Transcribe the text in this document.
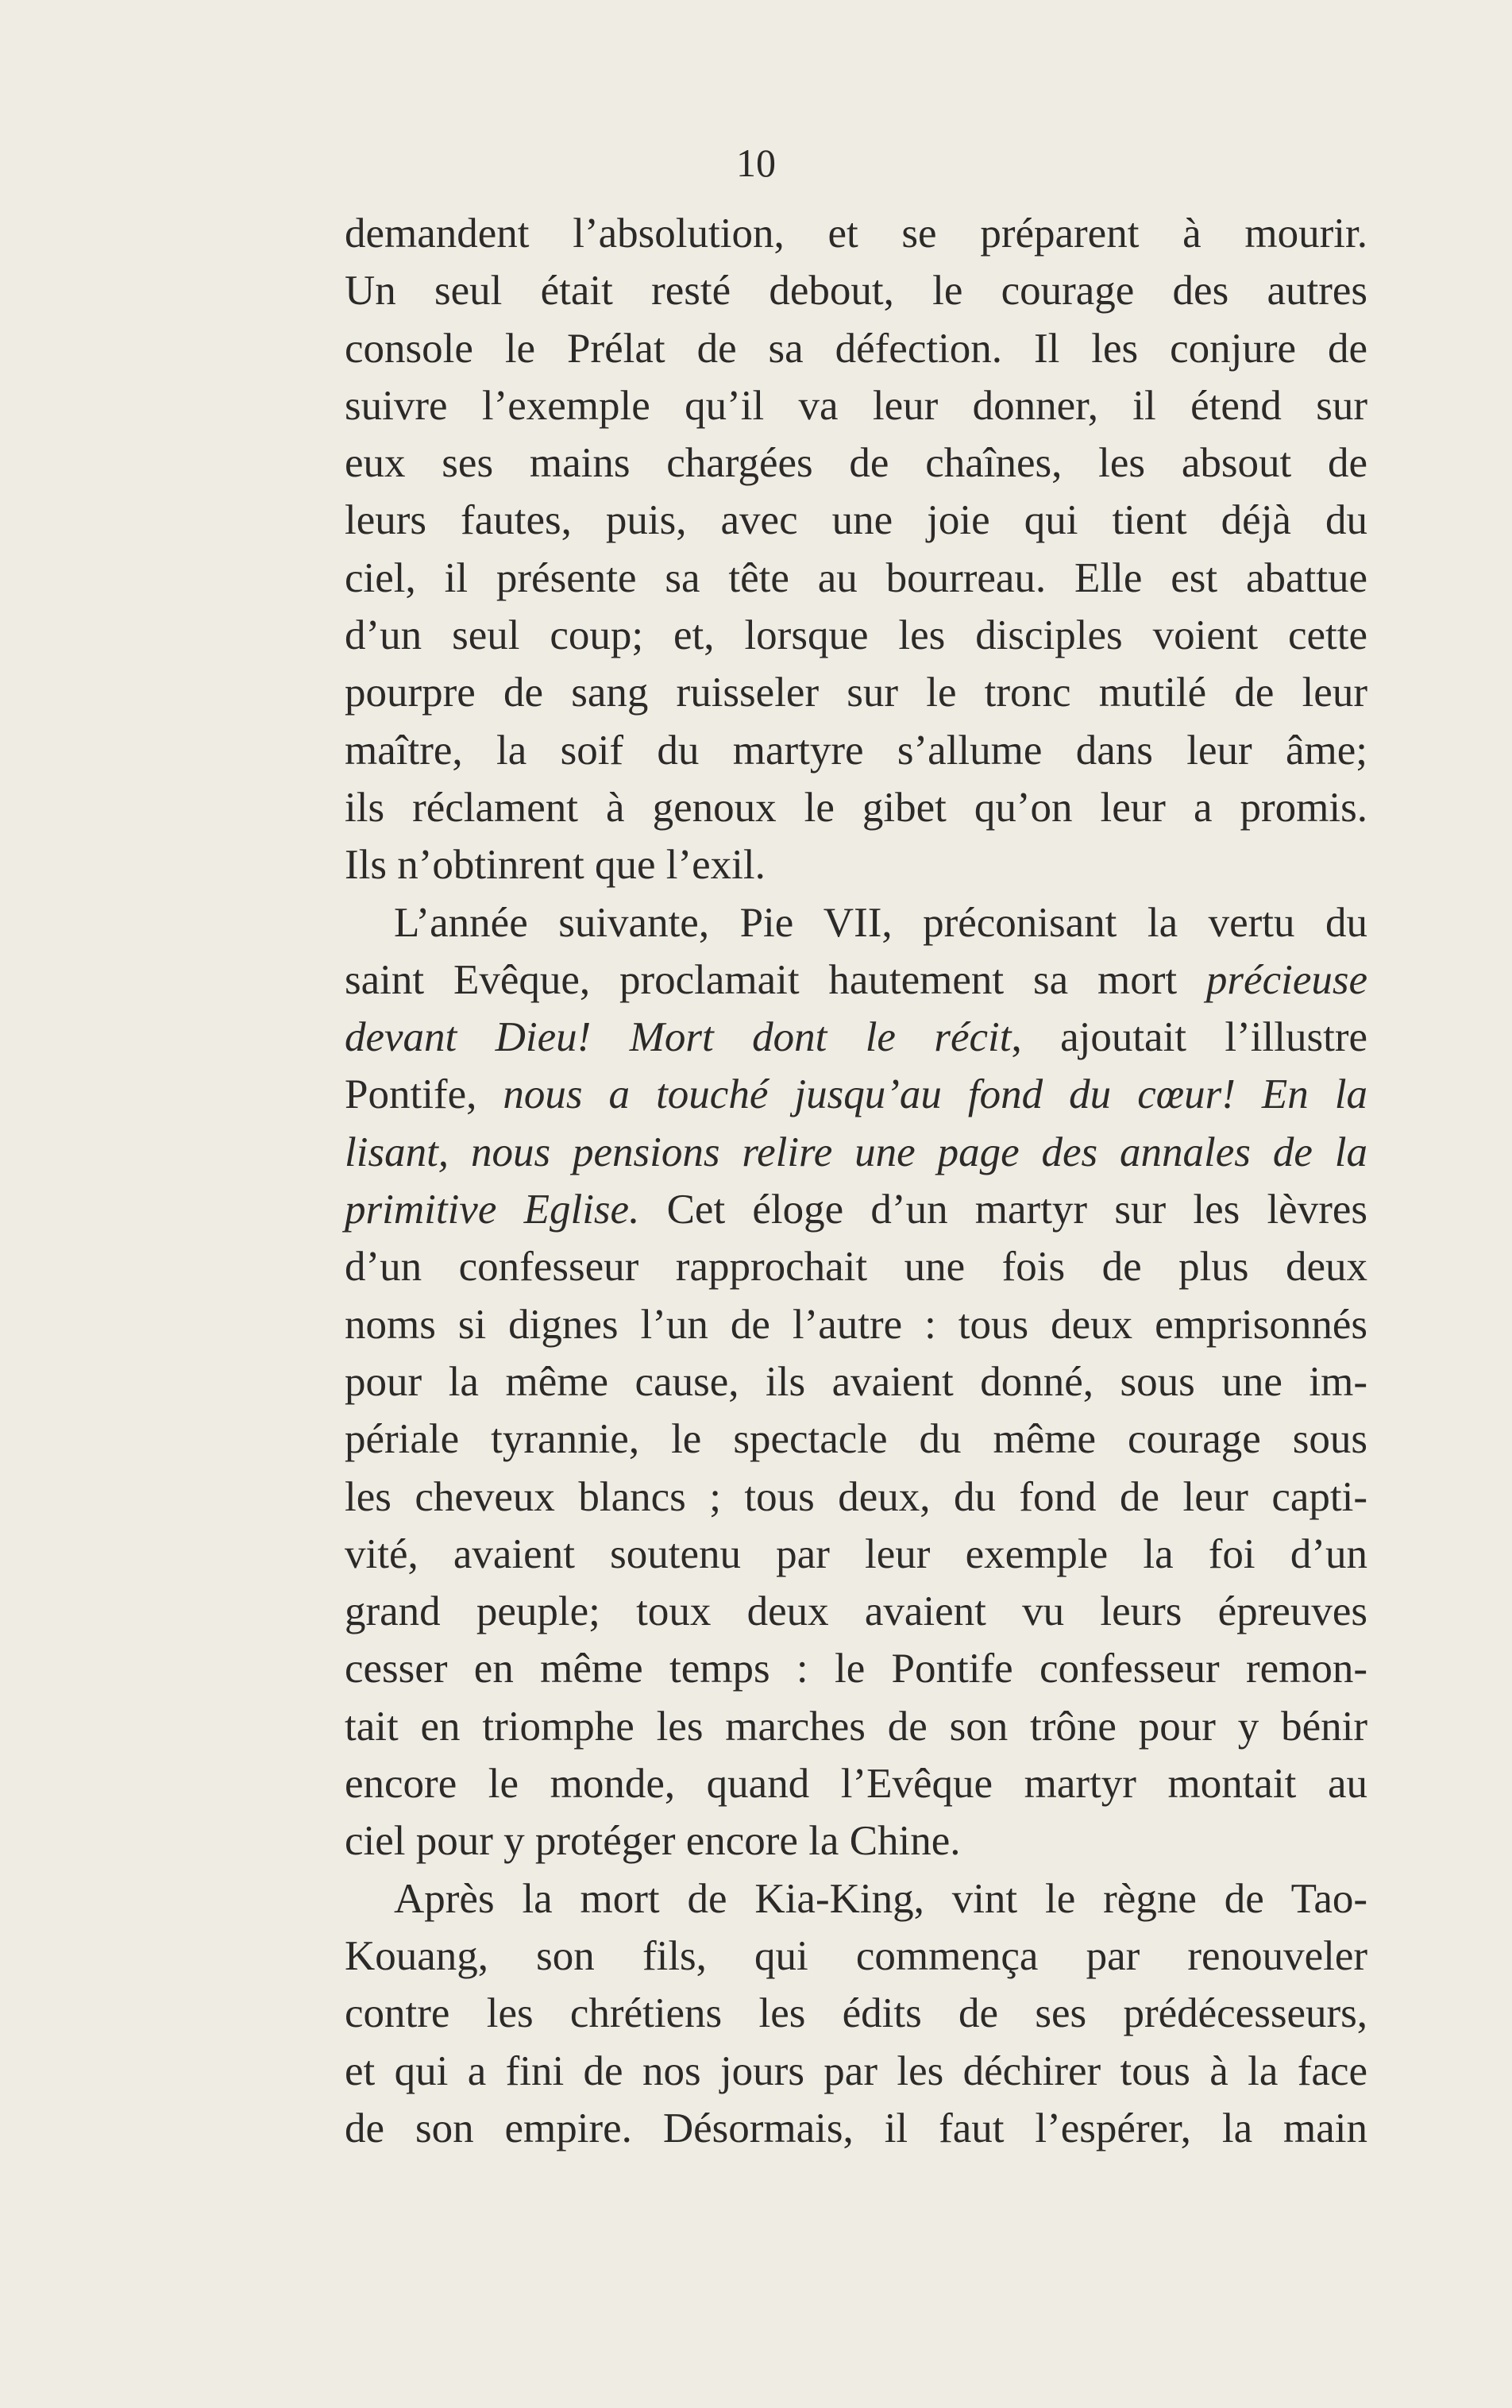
10
demandent l’absolution, et se préparent à mourir.
Un seul était resté debout, le courage des autres
console le Prélat de sa défection. Il les conjure de
suivre l’exemple qu’il va leur donner, il étend sur
eux ses mains chargées de chaînes, les absout de
leurs fautes, puis, avec une joie qui tient déjà du
ciel, il présente sa tête au bourreau. Elle est abattue
d’un seul coup; et, lorsque les disciples voient cette
pourpre de sang ruisseler sur le tronc mutilé de leur
maître, la soif du martyre s’allume dans leur âme;
ils réclament à genoux le gibet qu’on leur a promis.
Ils n’obtinrent que l’exil.
L’année suivante, Pie VII, préconisant la vertu du
saint Evêque, proclamait hautement sa mort précieuse
devant Dieu! Mort dont le récit, ajoutait l’illustre
Pontife, nous a touché jusqu’au fond du cœur! En la
lisant, nous pensions relire une page des annales de la
primitive Eglise. Cet éloge d’un martyr sur les lèvres
d’un confesseur rapprochait une fois de plus deux
noms si dignes l’un de l’autre : tous deux emprisonnés
pour la même cause, ils avaient donné, sous une im-
périale tyrannie, le spectacle du même courage sous
les cheveux blancs ; tous deux, du fond de leur capti-
vité, avaient soutenu par leur exemple la foi d’un
grand peuple; toux deux avaient vu leurs épreuves
cesser en même temps : le Pontife confesseur remon-
tait en triomphe les marches de son trône pour y bénir
encore le monde, quand l’Evêque martyr montait au
ciel pour y protéger encore la Chine.
Après la mort de Kia-King, vint le règne de Tao-
Kouang, son fils, qui commença par renouveler
contre les chrétiens les édits de ses prédécesseurs,
et qui a fini de nos jours par les déchirer tous à la face
de son empire. Désormais, il faut l’espérer, la main
